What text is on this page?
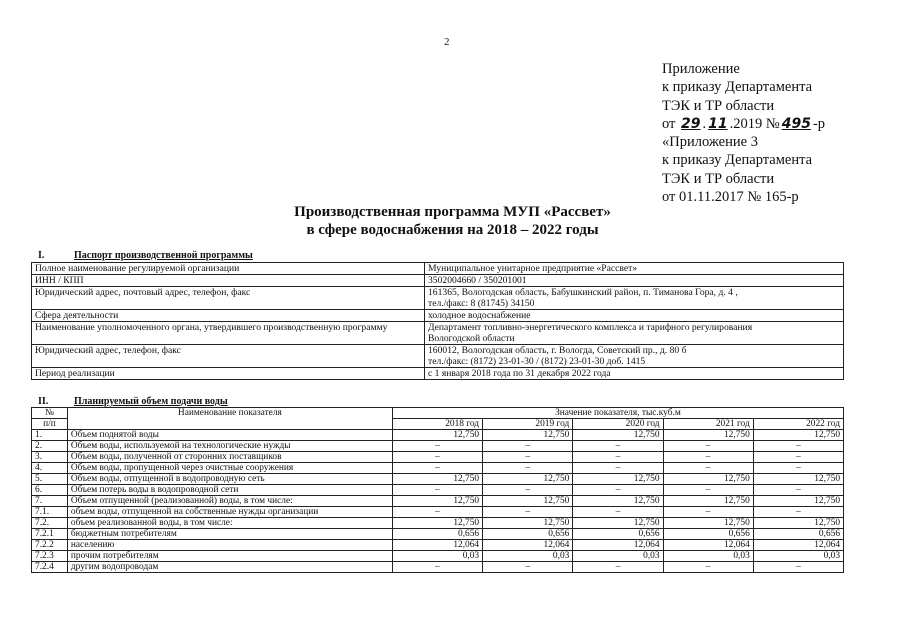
2
Приложение
к приказу Департамента
ТЭК и ТР области
от 29 . 11 .2019 № 495 -р
«Приложение 3
к приказу Департамента
ТЭК и ТР области
от 01.11.2017 № 165-р
Производственная программа МУП «Рассвет»
в сфере водоснабжения на 2018 – 2022 годы
I.	Паспорт производственной программы
Полное наименование регулируемой организации	Муниципальное унитарное предприятие «Рассвет»

ИНН / КПП	3502004660 / 350201001

Юридический адрес, почтовый адрес, телефон, факс	161365, Вологодская область, Бабушкинский район, п. Тиманова Гора, д. 4 ,
тел./факс: 8 (81745) 34150

Сфера деятельности	холодное водоснабжение

Наименование уполномоченного органа, утвердившего производственную программу	Департамент топливно-энергетического комплекса и тарифного регулирования
Вологодской области

Юридический адрес, телефон, факс	160012, Вологодская область, г. Вологда, Советский пр., д. 80 б
тел./факс: (8172) 23-01-30 / (8172) 23-01-30 доб. 1415

Период реализации	с 1 января 2018 года по 31 декабря 2022 года
II.	Планируемый объем подачи воды
№	Наименование показателя	Значение показателя, тыс.куб.м				
п/п		2018 год	2019 год	2020 год	2021 год	2022 год
1.	Объем поднятой воды	12,750	12,750	12,750	12,750	12,750
2.	Объем воды, используемой на технологические нужды	–	–	–	–	–
3.	Объем воды, полученной от сторонних поставщиков	–	–	–	–	–
4.	Объем воды, пропущенной через очистные сооружения	–	–	–	–	–
5.	Объем воды, отпущенной в водопроводную сеть	12,750	12,750	12,750	12,750	12,750
6.	Объем потерь воды в водопроводной сети	–	–	–	–	–
7.	Объем отпущенной (реализованной) воды, в том числе:	12,750	12,750	12,750	12,750	12,750
7.1.	объем воды, отпущенной на собственные нужды организации	–	–	–	–	–
7.2.	объем реализованной воды, в том числе:	12,750	12,750	12,750	12,750	12,750
7.2.1	бюджетным потребителям	0,656	0,656	0,656	0,656	0,656
7.2.2	населению	12,064	12,064	12,064	12,064	12,064
7.2.3	прочим потребителям	0,03	0,03	0,03	0,03	0,03
7.2.4	другим водопроводам	–	–	–	–	–
